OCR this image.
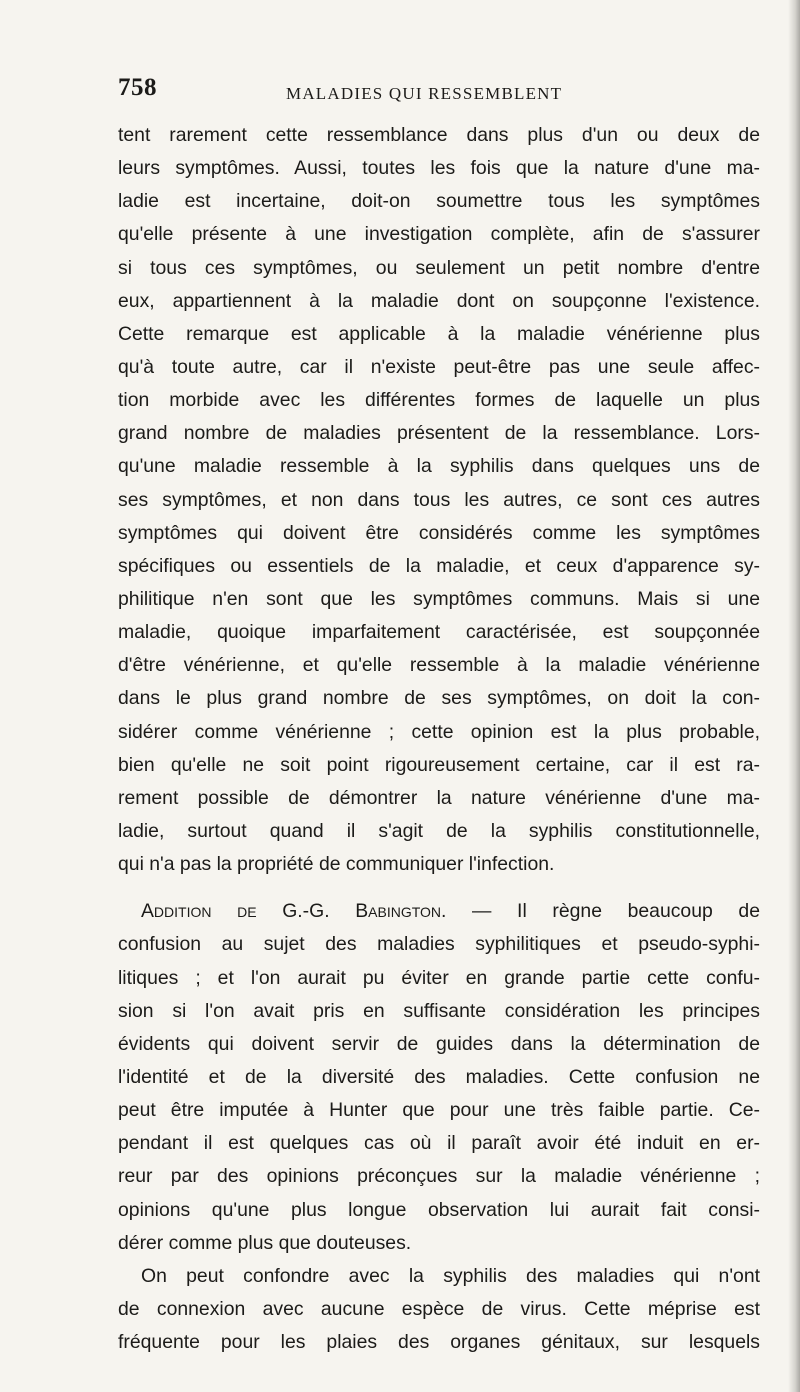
758	MALADIES QUI RESSEMBLENT
tent rarement cette ressemblance dans plus d'un ou deux de
leurs symptômes. Aussi, toutes les fois que la nature d'une ma-
ladie est incertaine, doit-on soumettre tous les symptômes
qu'elle présente à une investigation complète, afin de s'assurer
si tous ces symptômes, ou seulement un petit nombre d'entre
eux, appartiennent à la maladie dont on soupçonne l'existence.
Cette remarque est applicable à la maladie vénérienne plus
qu'à toute autre, car il n'existe peut-être pas une seule affec-
tion morbide avec les différentes formes de laquelle un plus
grand nombre de maladies présentent de la ressemblance. Lors-
qu'une maladie ressemble à la syphilis dans quelques uns de
ses symptômes, et non dans tous les autres, ce sont ces autres
symptômes qui doivent être considérés comme les symptômes
spécifiques ou essentiels de la maladie, et ceux d'apparence sy-
philitique n'en sont que les symptômes communs. Mais si une
maladie, quoique imparfaitement caractérisée, est soupçonnée
d'être vénérienne, et qu'elle ressemble à la maladie vénérienne
dans le plus grand nombre de ses symptômes, on doit la con-
sidérer comme vénérienne ; cette opinion est la plus probable,
bien qu'elle ne soit point rigoureusement certaine, car il est ra-
rement possible de démontrer la nature vénérienne d'une ma-
ladie, surtout quand il s'agit de la syphilis constitutionnelle,
qui n'a pas la propriété de communiquer l'infection.
Addition de G.-G. Babington. — Il règne beaucoup de
confusion au sujet des maladies syphilitiques et pseudo-syphi-
litiques ; et l'on aurait pu éviter en grande partie cette confu-
sion si l'on avait pris en suffisante considération les principes
évidents qui doivent servir de guides dans la détermination de
l'identité et de la diversité des maladies. Cette confusion ne
peut être imputée à Hunter que pour une très faible partie. Ce-
pendant il est quelques cas où il paraît avoir été induit en er-
reur par des opinions préconçues sur la maladie vénérienne ;
opinions qu'une plus longue observation lui aurait fait consi-
dérer comme plus que douteuses.
On peut confondre avec la syphilis des maladies qui n'ont
de connexion avec aucune espèce de virus. Cette méprise est
fréquente pour les plaies des organes génitaux, sur lesquels
